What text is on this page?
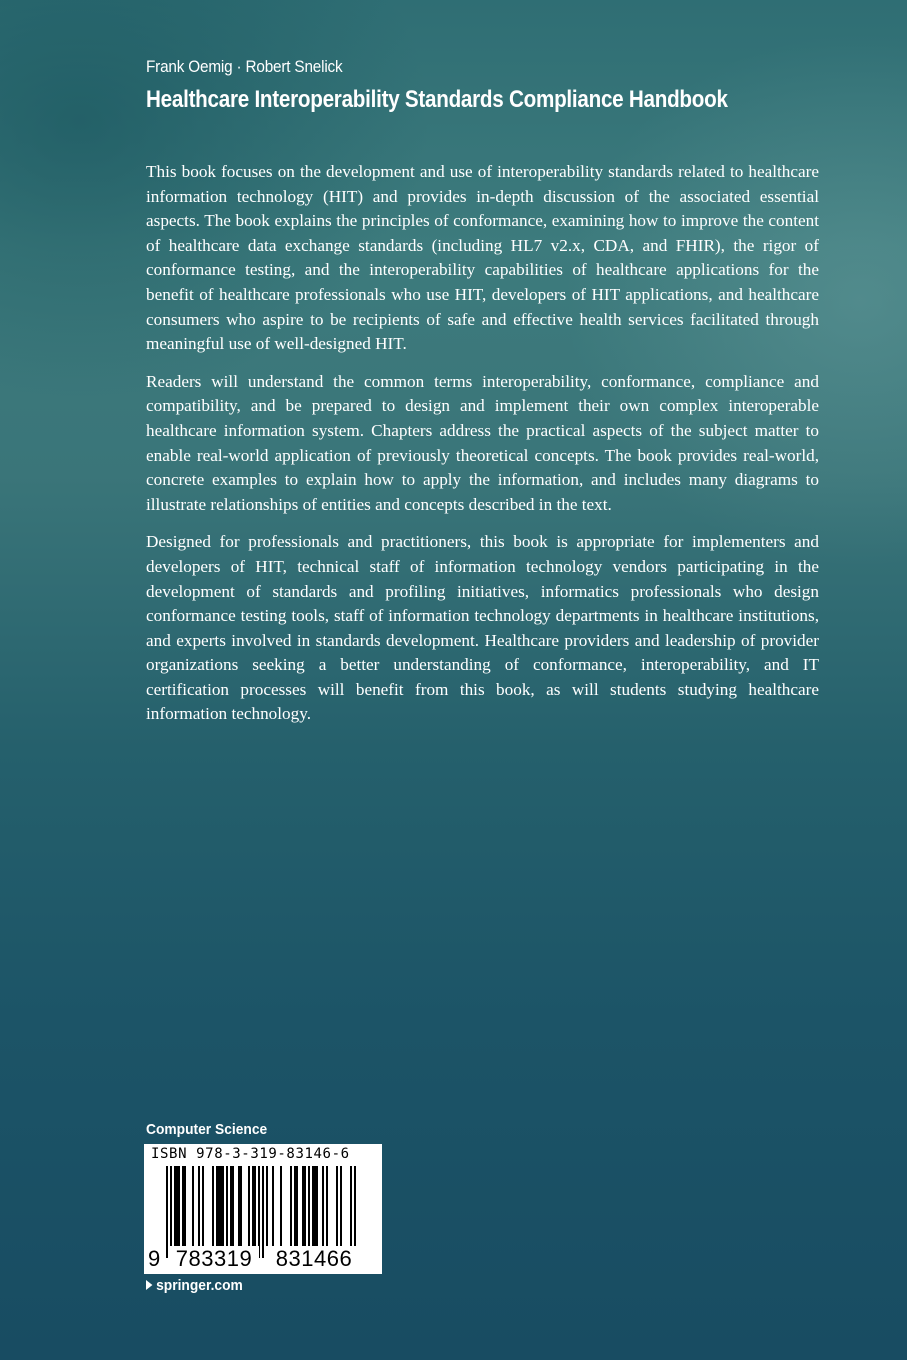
Frank Oemig · Robert Snelick
Healthcare Interoperability Standards Compliance Handbook

This book focuses on the development and use of interoperability standards related to healthcare information technology (HIT) and provides in-depth discussion of the associated essential aspects. The book explains the principles of conformance, examining how to improve the content of healthcare data exchange standards (including HL7 v2.x, CDA, and FHIR), the rigor of conformance testing, and the interoperability capabilities of healthcare applications for the benefit of healthcare professionals who use HIT, developers of HIT applications, and healthcare consumers who aspire to be recipients of safe and effective health services facilitated through meaningful use of well-designed HIT.

Readers will understand the common terms interoperability, conformance, compliance and compatibility, and be prepared to design and implement their own complex interoperable healthcare information system. Chapters address the practical aspects of the subject matter to enable real-world application of previously theoretical concepts. The book provides real-world, concrete examples to explain how to apply the information, and includes many diagrams to illustrate relationships of entities and concepts described in the text.

Designed for professionals and practitioners, this book is appropriate for implementers and developers of HIT, technical staff of information technology vendors participating in the development of standards and profiling initiatives, informatics professionals who design conformance testing tools, staff of information technology departments in healthcare institutions, and experts involved in standards development. Healthcare providers and leadership of provider organizations seeking a better understanding of conformance, interoperability, and IT certification processes will benefit from this book, as will students studying healthcare information technology.

Computer Science
ISBN 978-3-319-83146-6
9 783319	831466
springer.com
